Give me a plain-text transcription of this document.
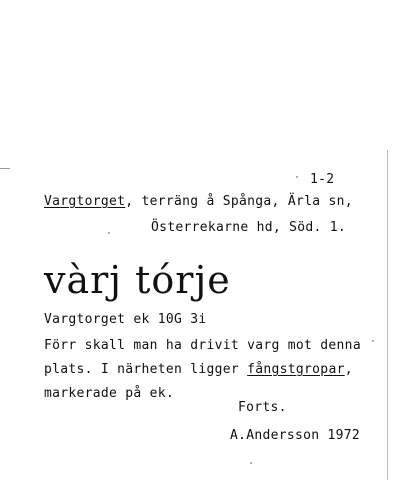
1-2
Vargtorget, terräng å Spånga, Ärla sn,
Österrekarne hd, Söd. 1.
vàrj tórje
Vargtorget ek 10G 3i
Förr skall man ha drivit varg mot denna
plats. I närheten ligger fångstgropar,
markerade på ek.
Forts.
A.Andersson 1972
